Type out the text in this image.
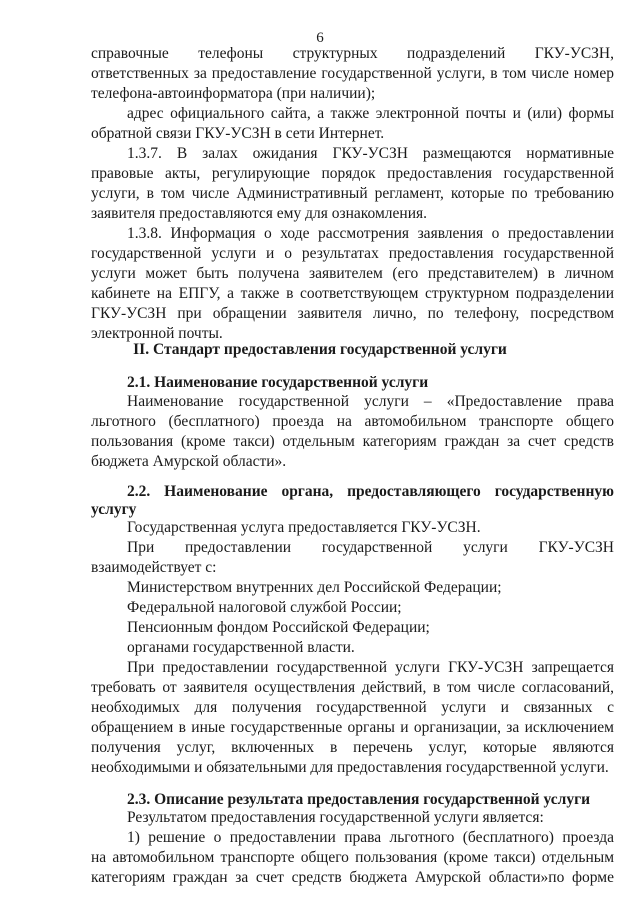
6
справочные телефоны структурных подразделений ГКУ-УСЗН,
ответственных за предоставление государственной услуги, в том числе номер
телефона-автоинформатора (при наличии);
адрес официального сайта, а также электронной почты и (или) формы
обратной связи ГКУ-УСЗН в сети Интернет.
1.3.7. В залах ожидания ГКУ-УСЗН размещаются нормативные
правовые акты, регулирующие порядок предоставления государственной
услуги, в том числе Административный регламент, которые по требованию
заявителя предоставляются ему для ознакомления.
1.3.8. Информация о ходе рассмотрения заявления о предоставлении
государственной услуги и о результатах предоставления государственной
услуги может быть получена заявителем (его представителем) в личном
кабинете на ЕПГУ, а также в соответствующем структурном подразделении
ГКУ-УСЗН при обращении заявителя лично, по телефону, посредством
электронной почты.
II. Стандарт предоставления государственной услуги
2.1. Наименование государственной услуги
Наименование государственной услуги – «Предоставление права
льготного (бесплатного) проезда на автомобильном транспорте общего
пользования (кроме такси) отдельным категориям граждан за счет средств
бюджета Амурской области».
2.2. Наименование органа, предоставляющего государственную
услугу
Государственная услуга предоставляется ГКУ-УСЗН.
При предоставлении государственной услуги ГКУ-УСЗН
взаимодействует с:
Министерством внутренних дел Российской Федерации;
Федеральной налоговой службой России;
Пенсионным фондом Российской Федерации;
органами государственной власти.
При предоставлении государственной услуги ГКУ-УСЗН запрещается
требовать от заявителя осуществления действий, в том числе согласований,
необходимых для получения государственной услуги и связанных с
обращением в иные государственные органы и организации, за исключением
получения услуг, включенных в перечень услуг, которые являются
необходимыми и обязательными для предоставления государственной услуги.
2.3. Описание результата предоставления государственной услуги
Результатом предоставления государственной услуги является:
1) решение о предоставлении права льготного (бесплатного) проезда
на автомобильном транспорте общего пользования (кроме такси) отдельным
категориям граждан за счет средств бюджета Амурской области»по форме
